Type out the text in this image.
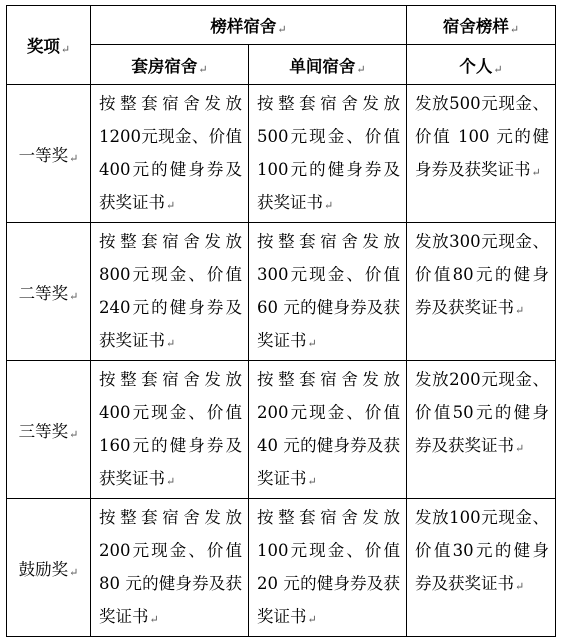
奖项↵	榜样宿舍↵		宿舍榜样↵
	套房宿舍↵	单间宿舍↵	个人↵
一等奖↵	按整套宿舍发放1200元现金、价值400元的健身券及获奖证书↵	按整套宿舍发放500元现金、价值100元的健身券及获奖证书↵	发放500元现金、价值 100 元的健身券及获奖证书↵

二等奖↵	按整套宿舍发放800元现金、价值240元的健身券及获奖证书↵	按整套宿舍发放300元现金、价值60 元的健身券及获奖证书↵	发放300元现金、价值80元的健身券及获奖证书↵

三等奖↵	按整套宿舍发放400元现金、价值160元的健身券及获奖证书↵	按整套宿舍发放200元现金、价值40 元的健身券及获奖证书↵	发放200元现金、价值50元的健身券及获奖证书↵

鼓励奖↵	按整套宿舍发放200元现金、价值80 元的健身券及获奖证书↵	按整套宿舍发放100元现金、价值20 元的健身券及获奖证书↵	发放100元现金、价值30元的健身券及获奖证书↵
